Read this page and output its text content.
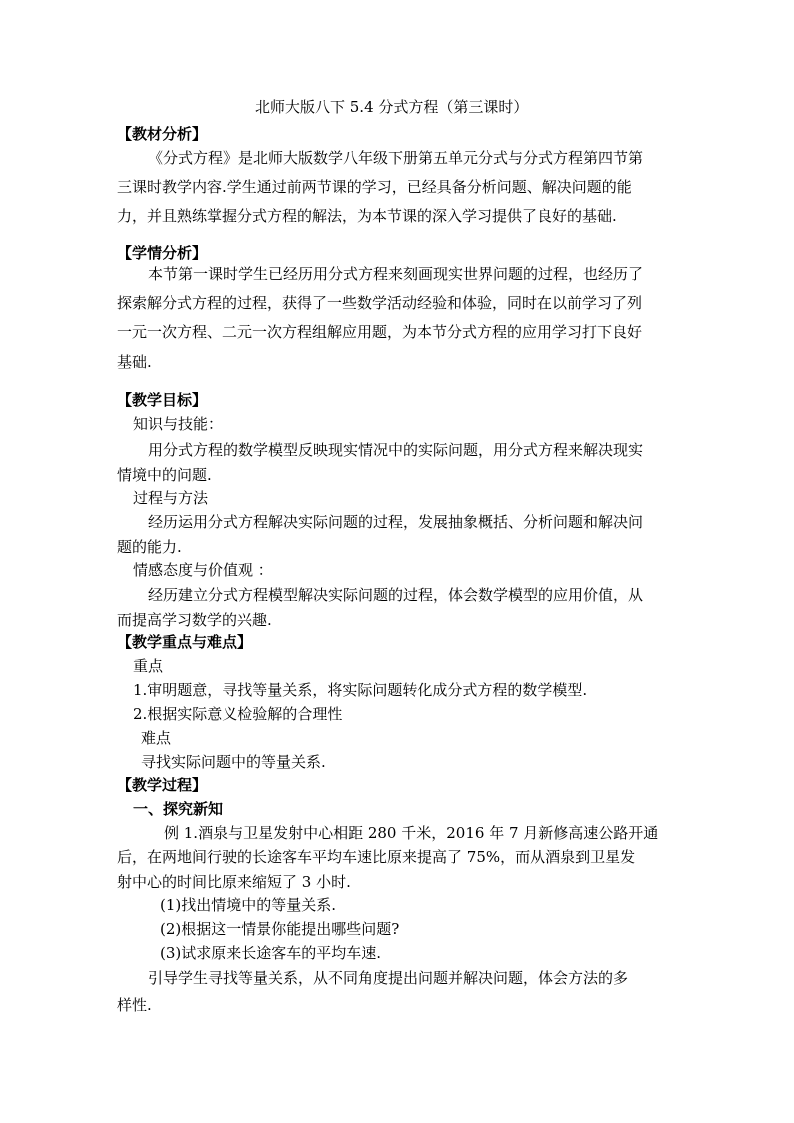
北师大版八下 5.4 分式方程（第三课时）
【教材分析】
《分式方程》是北师大版数学八年级下册第五单元分式与分式方程第四节第
三课时教学内容.学生通过前两节课的学习，已经具备分析问题、解决问题的能
力，并且熟练掌握分式方程的解法，为本节课的深入学习提供了良好的基础.
【学情分析】
本节第一课时学生已经历用分式方程来刻画现实世界问题的过程，也经历了
探索解分式方程的过程，获得了一些数学活动经验和体验，同时在以前学习了列
一元一次方程、二元一次方程组解应用题，为本节分式方程的应用学习打下良好
基础.
【教学目标】
知识与技能：
用分式方程的数学模型反映现实情况中的实际问题，用分式方程来解决现实
情境中的问题.
过程与方法
经历运用分式方程解决实际问题的过程，发展抽象概括、分析问题和解决问
题的能力.
情感态度与价值观 ：
经历建立分式方程模型解决实际问题的过程，体会数学模型的应用价值，从
而提高学习数学的兴趣.
【教学重点与难点】
重点
1.审明题意，寻找等量关系，将实际问题转化成分式方程的数学模型.
2.根据实际意义检验解的合理性
难点
寻找实际问题中的等量关系.
【教学过程】
一、探究新知
例 1.酒泉与卫星发射中心相距 280 千米，2016 年 7 月新修高速公路开通
后，在两地间行驶的长途客车平均车速比原来提高了 75%，而从酒泉到卫星发
射中心的时间比原来缩短了 3 小时.
(1)找出情境中的等量关系.
(2)根据这一情景你能提出哪些问题?
(3)试求原来长途客车的平均车速.
引导学生寻找等量关系，从不同角度提出问题并解决问题，体会方法的多
样性.
